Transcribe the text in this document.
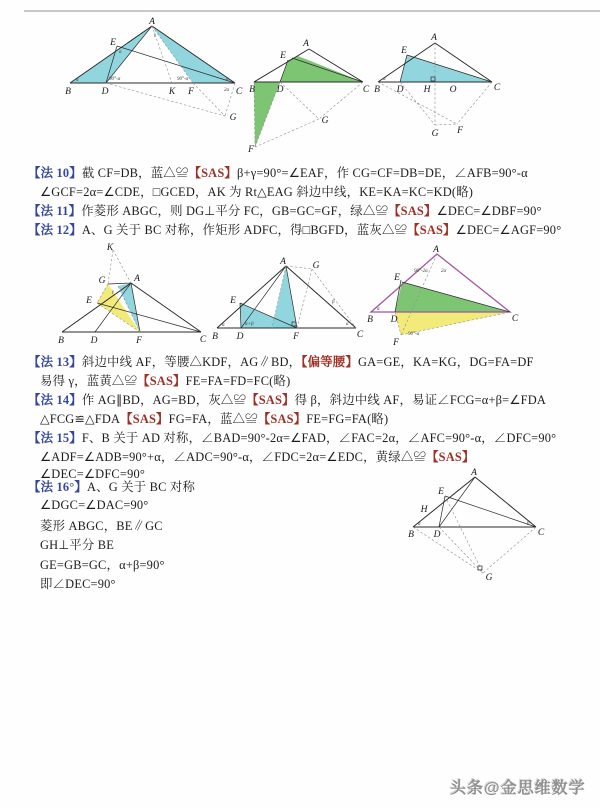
A
E
B	D	K F	C
G
γ
α
α
90°-α	90°-α	α
2α
A
E
B D	C
G
F
A
E
B D H O	C
G F
α
【法 10】截 CF=DB，蓝△≌【SAS】β+γ=90°=∠EAF，作 CG=CF=DB=DE，∠AFB=90°-α
∠GCF=2α=∠CDE，□GCED，AK 为 Rt△EAG 斜边中线，KE=KA=KC=KD(略)
【法 11】作菱形 ABGC，则 DG⊥平分 FC，GB=GC=GF，绿△≌【SAS】∠DEC=∠DBF=90°
【法 12】A、G 关于 BC 对称，作矩形 ADFC，得□BGFD，蓝灰△≌【SAS】∠DEC=∠AGF=90°
K
G	A
E
B	D	F	C
γ
A	G
E
B D	F	C
α	α+β	α
β
A
E
B D	C
F
90°-2α	2α
α
90°-α
【法 13】斜边中线 AF，等腰△KDF，AG∥BD，【偏等腰】GA=GE，KA=KG，DG=FA=DF
易得 γ，蓝黄△≌【SAS】FE=FA=FD=FC(略)
【法 14】作 AG∥BD，AG=BD，灰△≌【SAS】得 β，斜边中线 AF，易证∠FCG=α+β=∠FDA
△FCG≌△FDA【SAS】FG=FA，蓝△≌【SAS】FE=FG=FA(略)
【法 15】F、B 关于 AD 对称，∠BAD=90°-2α=∠FAD，∠FAC=2α，∠AFC=90°-α，∠DFC=90°
∠ADF=∠ADB=90°+α，∠ADC=90°-α，∠FDC=2α=∠EDC，黄绿△≌【SAS】
∠DEC=∠DFC=90°
【法 16°】A、G 关于 BC 对称
∠DGC=∠DAC=90°
菱形 ABGC，BE∥GC
GH⊥平分 BE
GE=GB=GC，α+β=90°
即∠DEC=90°
A
E
H
B D	C
G
α	β
头条@金思维数学
